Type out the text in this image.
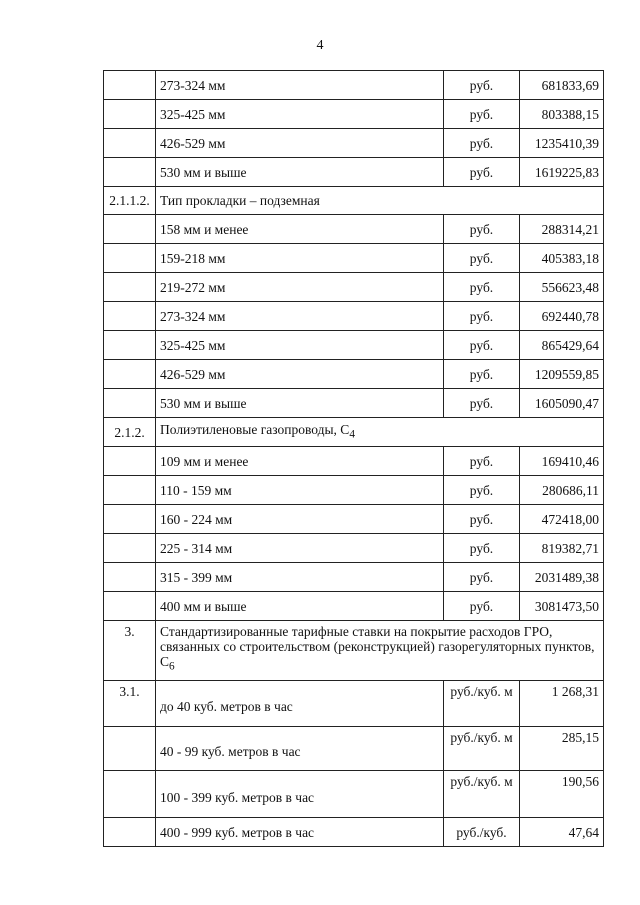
4
	273-324 мм	руб.	681833,69
	325-425 мм	руб.	803388,15
	426-529 мм	руб.	1235410,39
	530 мм и выше	руб.	1619225,83
2.1.1.2.	Тип прокладки – подземная		
	158 мм и менее	руб.	288314,21
	159-218 мм	руб.	405383,18
	219-272 мм	руб.	556623,48
	273-324 мм	руб.	692440,78
	325-425 мм	руб.	865429,64
	426-529 мм	руб.	1209559,85
	530 мм и выше	руб.	1605090,47
2.1.2.	Полиэтиленовые газопроводы, $С_4$
	109 мм и менее	руб.	169410,46
	110 - 159 мм	руб.	280686,11
	160 - 224 мм	руб.	472418,00
	225 - 314 мм	руб.	819382,71
	315 - 399 мм	руб.	2031489,38
	400 мм и выше	руб.	3081473,50
3.	Стандартизированные тарифные ставки на покрытие расходов ГРО, связанных со строительством (реконструкцией) газорегуляторных пунктов, $С_6$
3.1.	до 40 куб. метров в час	руб./куб. м	1 268,31
	40 - 99 куб. метров в час	руб./куб. м	285,15
	100 - 399 куб. метров в час	руб./куб. м	190,56
	400 - 999 куб. метров в час	руб./куб.	47,64
